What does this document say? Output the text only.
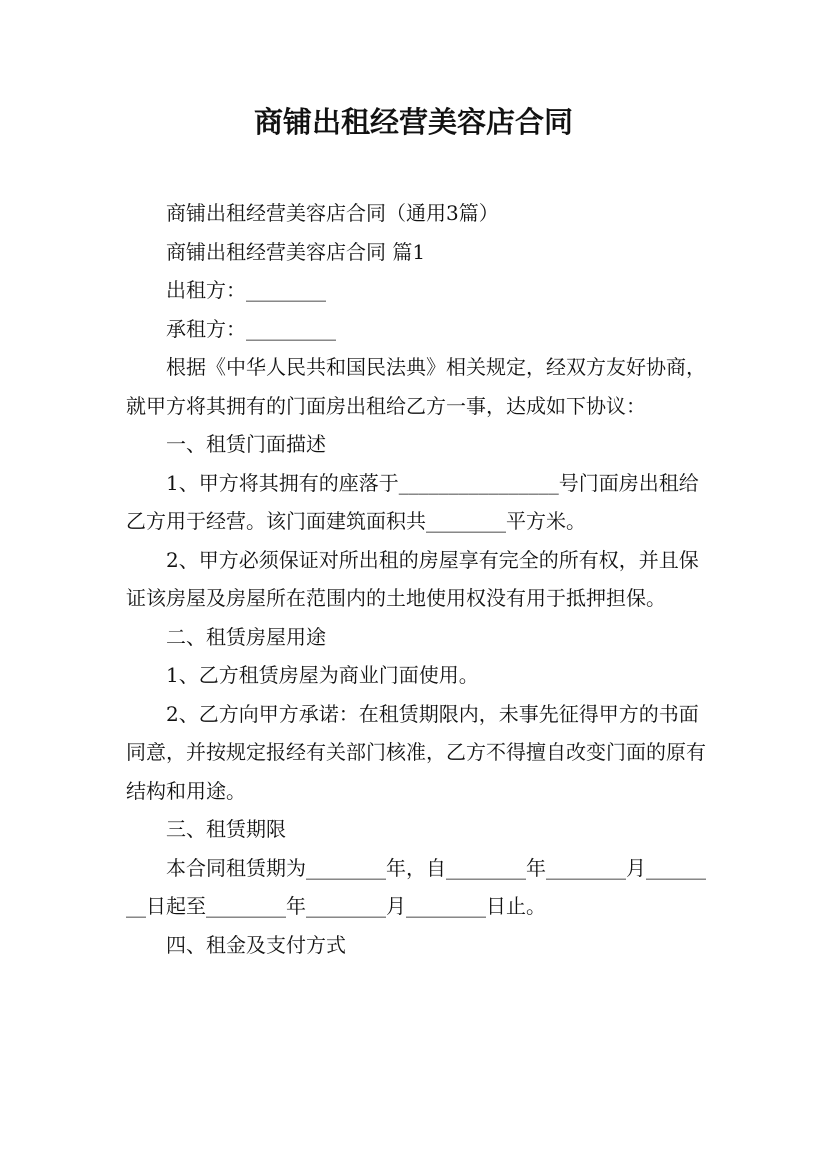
商铺出租经营美容店合同

商铺出租经营美容店合同（通用3篇）

商铺出租经营美容店合同 篇1

出租方：________

承租方：_________

根据《中华人民共和国民法典》相关规定，经双方友好协商，就甲方将其拥有的门面房出租给乙方一事，达成如下协议：

一、租赁门面描述

1、甲方将其拥有的座落于________________号门面房出租给乙方用于经营。该门面建筑面积共________平方米。

2、甲方必须保证对所出租的房屋享有完全的所有权，并且保证该房屋及房屋所在范围内的土地使用权没有用于抵押担保。

二、租赁房屋用途

1、乙方租赁房屋为商业门面使用。

2、乙方向甲方承诺：在租赁期限内，未事先征得甲方的书面同意，并按规定报经有关部门核准，乙方不得擅自改变门面的原有结构和用途。

三、租赁期限

本合同租赁期为________年，自________年________月________日起至________年________月________日止。

四、租金及支付方式
